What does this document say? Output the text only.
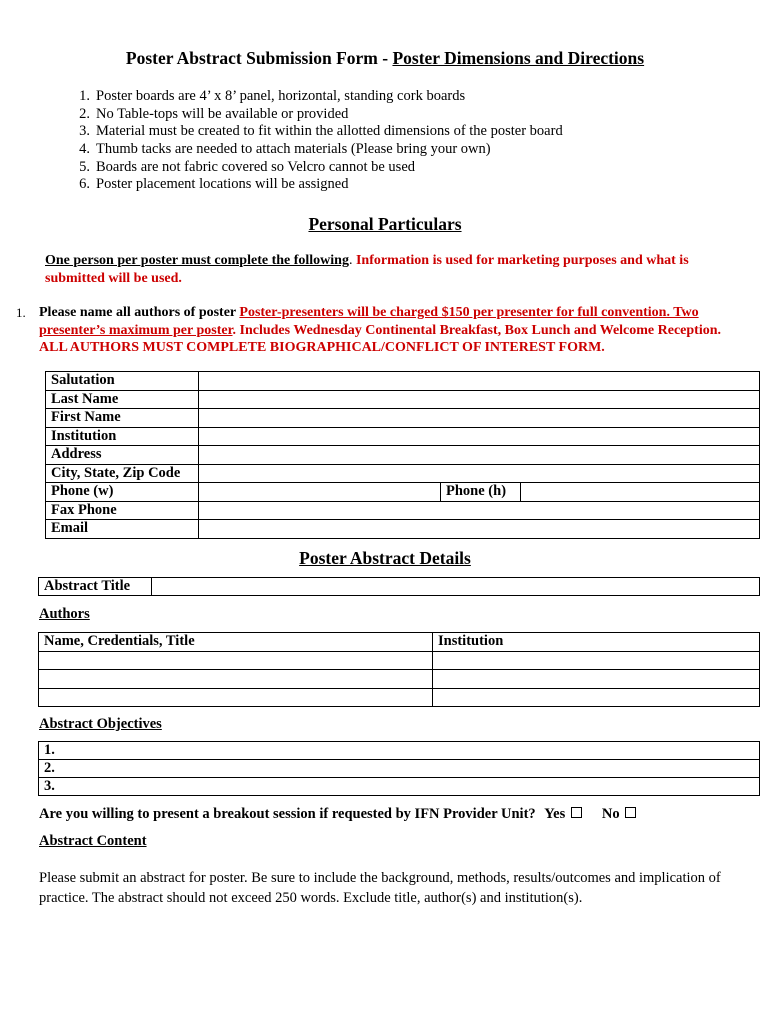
Poster Abstract Submission Form - Poster Dimensions and Directions
1. Poster boards are 4’ x 8’ panel, horizontal, standing cork boards
2. No Table-tops will be available or provided
3. Material must be created to fit within the allotted dimensions of the poster board
4. Thumb tacks are needed to attach materials (Please bring your own)
5. Boards are not fabric covered so Velcro cannot be used
6. Poster placement locations will be assigned
Personal Particulars
One person per poster must complete the following. Information is used for marketing purposes and what is submitted will be used.
1. Please name all authors of poster Poster-presenters will be charged $150 per presenter for full convention. Two presenter’s maximum per poster. Includes Wednesday Continental Breakfast, Box Lunch and Welcome Reception. ALL AUTHORS MUST COMPLETE BIOGRAPHICAL/CONFLICT OF INTEREST FORM.
Salutation			
Last Name			
First Name			
Institution			
Address			
City, State, Zip Code			
Phone (w)		Phone (h)	
Fax Phone			
Email			
Poster Abstract Details
Abstract Title	
Authors
Name, Credentials, Title	Institution

Abstract Objectives
1.
2.
3.
Are you willing to present a breakout session if requested by IFN Provider Unit? Yes	No
Abstract Content
Please submit an abstract for poster. Be sure to include the background, methods, results/outcomes and implication of practice. The abstract should not exceed 250 words. Exclude title, author(s) and institution(s).
